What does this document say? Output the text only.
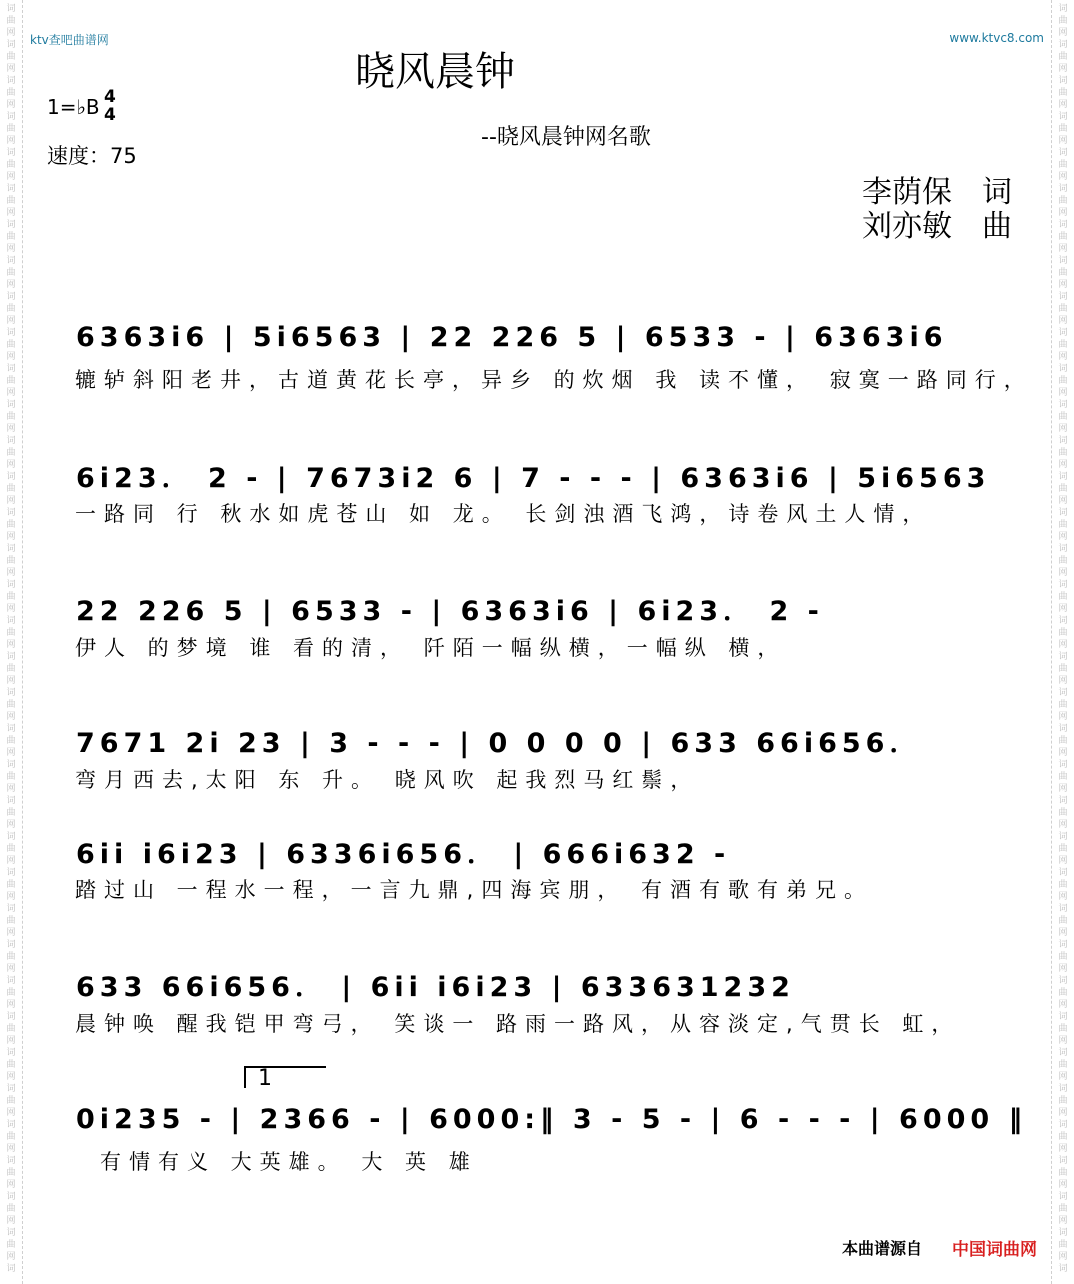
词
曲
网
词
曲
网
词
曲
网
词
曲
网
词
曲
网
词
曲
网
词
曲
网
词
曲
网
词
曲
网
词
曲
网
词
曲
网
词
曲
网
词
曲
网
词
曲
网
词
曲
网
词
曲
网
词
曲
网
词
曲
网
词
曲
网
词
曲
网
词
曲
网
词
曲
网
词
曲
网
词
曲
网
词
曲
网
词
曲
网
词
曲
网
词
曲
网
词
曲
网
词
曲
网
词
曲
网
词
曲
网
词
曲
网
词
曲
网
词
曲
网
词
词
曲
网
词
曲
网
词
曲
网
词
曲
网
词
曲
网
词
曲
网
词
曲
网
词
曲
网
词
曲
网
词
曲
网
词
曲
网
词
曲
网
词
曲
网
词
曲
网
词
曲
网
词
曲
网
词
曲
网
词
曲
网
词
曲
网
词
曲
网
词
曲
网
词
曲
网
词
曲
网
词
曲
网
词
曲
网
词
曲
网
词
曲
网
词
曲
网
词
曲
网
词
曲
网
词
曲
网
词
曲
网
词
曲
网
词
曲
网
词
曲
网
词
ktv查吧曲谱网	www.ktvc8.com
晓风晨钟
--晓风晨钟网名歌
1=♭B 4
4
速度：75
李荫保　词
刘亦敏　曲
6363i6 | 5i6563 | 22 226 5 | 6533 - | 6363i6
辘轳斜阳老井，古道黄花长亭，异乡 的炊烟 我 读不懂， 寂寞一路同行，
6i23． 2 - | 7673i2 6 | 7 - - - | 6363i6 | 5i6563
一路同 行 秋水如虎苍山 如 龙。 长剑浊酒飞鸿，诗卷风土人情，
22 226 5 | 6533 - | 6363i6 | 6i23． 2 -
伊人 的梦境 谁 看的清， 阡陌一幅纵横，一幅纵 横，
7671 2i 23 | 3 - - - | 0 0 0 0 | 633 66i656．
弯月西去,太阳 东 升。 晓风吹 起我烈马红鬃，
6ii i6i23 | 6336i656． | 666i632 -
踏过山 一程水一程，一言九鼎,四海宾朋， 有酒有歌有弟兄。
633 66i656． | 6ii i6i23 | 633631232
晨钟唤 醒我铠甲弯弓， 笑谈一 路雨一路风，从容淡定,气贯长 虹，
1
0i235 - | 2366 - | 6000:‖ 3 - 5 - | 6 - - - | 6000 ‖
有情有义 大英雄。 大 英 雄
本曲谱源自 中国词曲网
